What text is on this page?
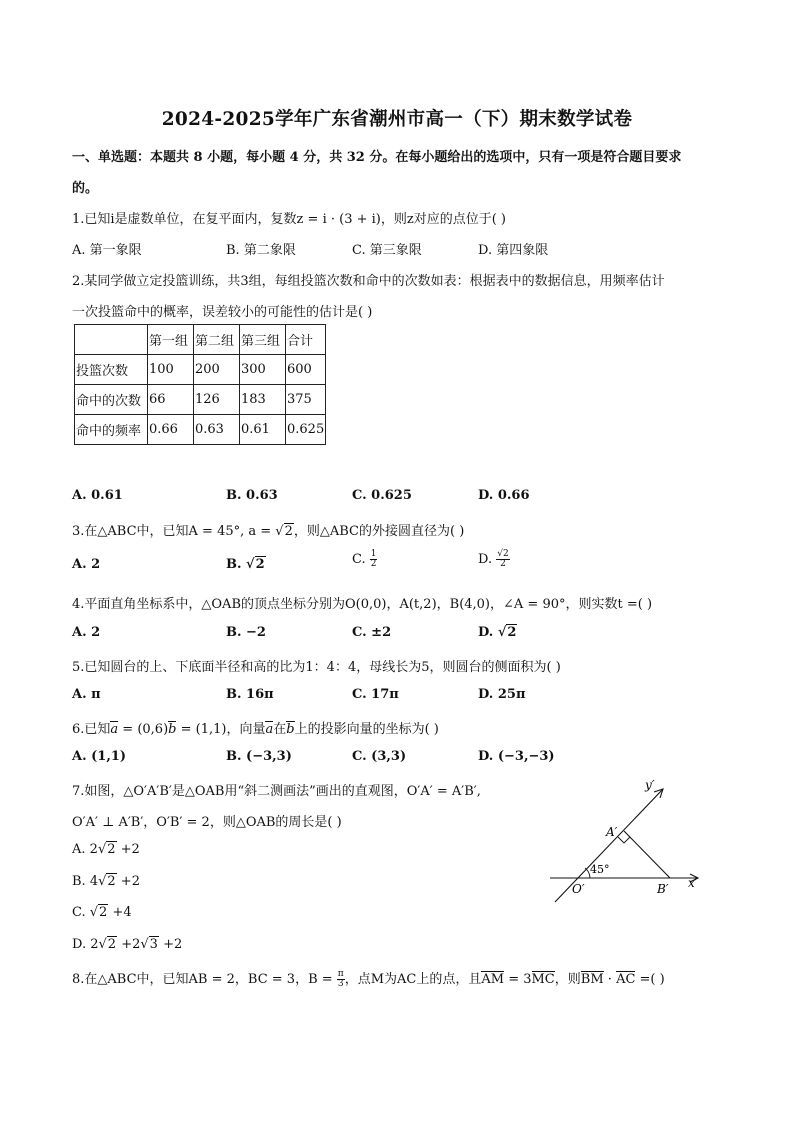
2024-2025学年广东省潮州市高一（下）期末数学试卷
一、单选题：本题共 8 小题，每小题 4 分，共 32 分。在每小题给出的选项中，只有一项是符合题目要求
的。
1.已知i是虚数单位，在复平面内，复数z = i · (3 + i)，则z对应的点位于( )
A. 第一象限	B. 第二象限	C. 第三象限	D. 第四象限
2.某同学做立定投篮训练，共3组，每组投篮次数和命中的次数如表：根据表中的数据信息，用频率估计
一次投篮命中的概率，误差较小的可能性的估计是( )
	第一组	第二组	第三组	合计
投篮次数	100	200	300	600
命中的次数	66	126	183	375
命中的频率	0.66	0.63	0.61	0.625
A. 0.61	B. 0.63	C. 0.625	D. 0.66
3.在△ABC中，已知A = 45°, a = √2，则△ABC的外接圆直径为( )
A. 2	B. √2	C. $\frac{1}{2}$	D. $\frac{√2}{2}$
4.平面直角坐标系中，△OAB的顶点坐标分别为O(0,0)，A(t,2)，B(4,0)，∠A = 90°，则实数t =( )
A. 2	B. −2	C. ±2	D. √2
5.已知圆台的上、下底面半径和高的比为1：4：4，母线长为5，则圆台的侧面积为( )
A. π	B. 16π	C. 17π	D. 25π
6.已知a = (0,6)b = (1,1)，向量a在b上的投影向量的坐标为( )
A. (1,1)	B. (−3,3)	C. (3,3)	D. (−3,−3)
7.如图，△O′A′B′是△OAB用“斜二测画法”画出的直观图，O′A′ = A′B′,
O′A′ ⊥ A′B′，O′B′ = 2，则△OAB的周长是( )
A. 2√2 +2
B. 4√2 +2
C. √2 +4
D. 2√2 +2√3 +2
A′
y′
45°
O′	B′ x′
8.在△ABC中，已知AB = 2，BC = 3，$B = \frac{\pi}{3}$ ，点M为AC上的点，且AM = 3MC，则BM · AC =( )
